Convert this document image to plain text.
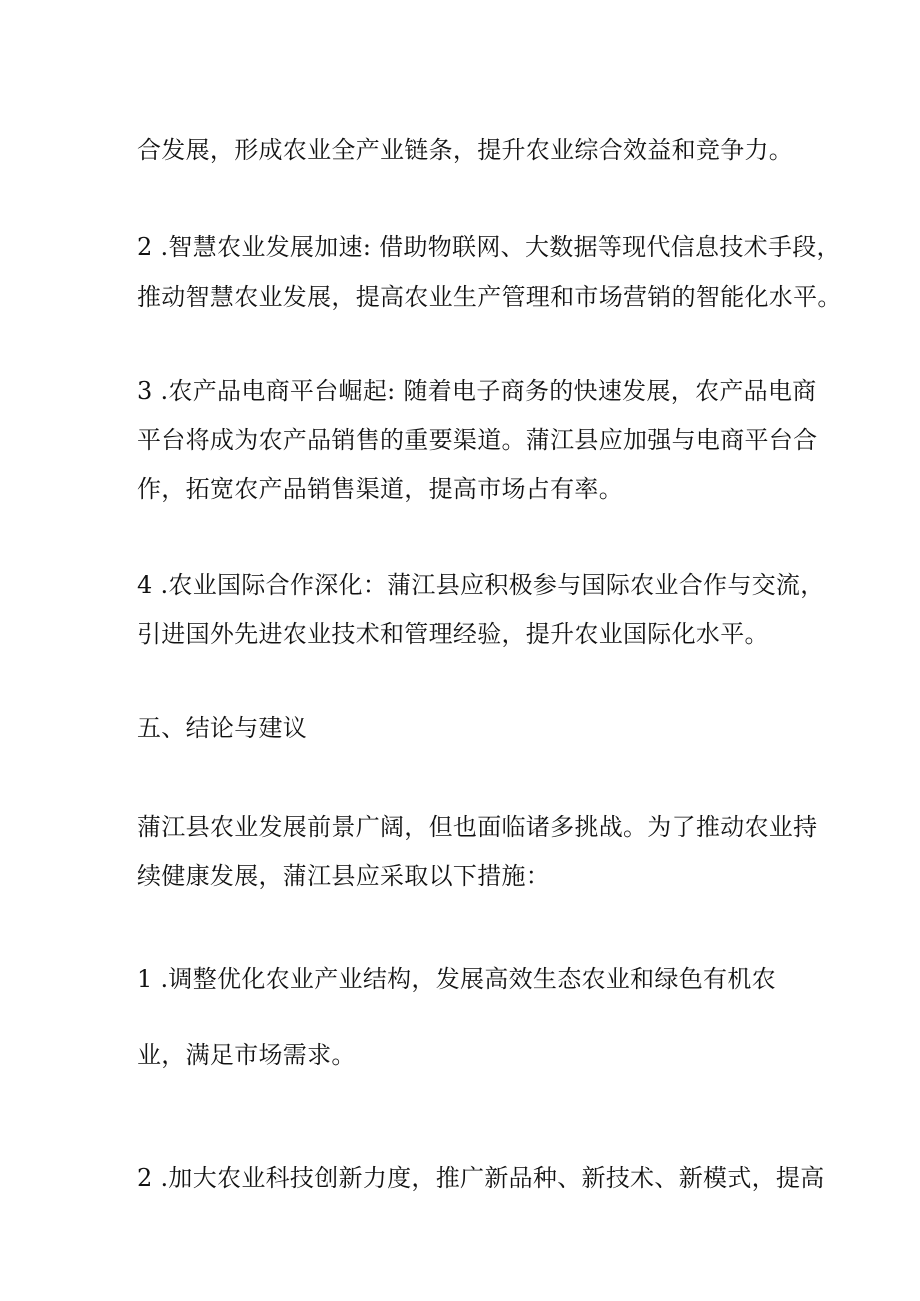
合发展，形成农业全产业链条，提升农业综合效益和竞争力。
2 .智慧农业发展加速: 借助物联网、大数据等现代信息技术手段，
推动智慧农业发展，提高农业生产管理和市场营销的智能化水平。
3 .农产品电商平台崛起: 随着电子商务的快速发展，农产品电商
平台将成为农产品销售的重要渠道。蒲江县应加强与电商平台合
作，拓宽农产品销售渠道，提高市场占有率。
4 .农业国际合作深化：蒲江县应积极参与国际农业合作与交流，
引进国外先进农业技术和管理经验，提升农业国际化水平。
五、结论与建议
蒲江县农业发展前景广阔，但也面临诸多挑战。为了推动农业持
续健康发展，蒲江县应采取以下措施：
1 .调整优化农业产业结构，发展高效生态农业和绿色有机农
业，满足市场需求。
2 .加大农业科技创新力度，推广新品种、新技术、新模式，提高
